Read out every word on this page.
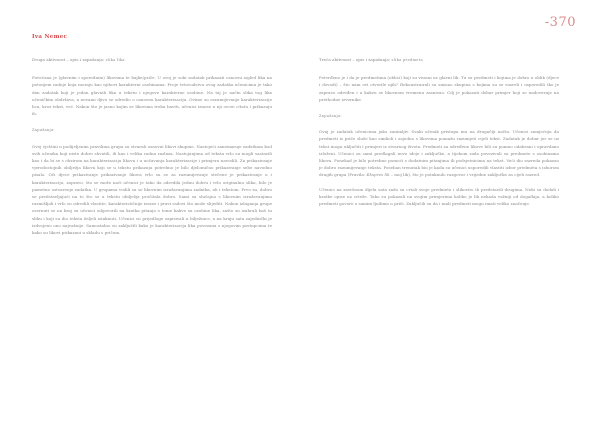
-370
Iva Nemec

Druga aktivnost – opis i zapažanja: slika lika

Povećana je (glavnim i sporednim) likovima te bajke/priče. U ovoj je sobi zadatak prikazati osnovni izgled lika na potonjem radnje koja moraju kao njihovi karakterni osobinama. Proje tetovodstvu ovog zadatka učenicima je tako dan zadatak koji je jedan glavnih lika u tekstu i njegove karakterne osobine. Na taj je način slika tog lika učeničkim obdržava, a nevami djivo se odredio o osnovnu karakterizaciju. Ovime su razumijevanje karakterizacije lica, kroz tekst, već. Nakon što je jasno kojim se likovima treba baviti, učenici iznose u nji ovom citatu i prikazuju ih.

Zapažanja:

Ovoj vještini u podijeljenim pravilima grupa su stvarali osnovni likovi skupine. Nastojeći zanemaruje zadatkom kod svih učenika koji niste dobro shvatili, ili kao i velika radna razlaza. Nastojanjima od teksta vrlo su mogli sastavili kao i da bi se s obzirom na karakterizaciju likova i u uočavanja karakterizacije i primjera navodili. Za prikazivanje vjerodostojnih obilježja likova koji se u tekstu prikazuju potrebno je bilo djelomično prikazivanje sebe navodno pisalo. Oči djece prikazivanje prikazivanje likova vrlo su se za razumijevanje stečene je prikazivanje u i karakterizaciju, zapravo, što se može naći učenici je tako da odredila jednu dobru i vrlo originalnu sliku, bilo je pametno ostvarenje zadatka. U grupama vodili su se likovnim izražavanjima zadatka, ali i tekstom. Prvo su, dobro se predstavljajući na to što se u tekstu obilježja pročitala dobro. Sami su slučajno s likovnim izražavanjima razmišljali i vrlo su odredili vlastite, karakterističnije izraze i pravi radovi što može slijediti. Nakon izlaganja grupe osvrnuti se na kraj su učenici odgovorili na kratka pitanja o tome kakve su osobine lika, zašto su izabrali baš tu sliku i koji su dio teksta željeli istaknuti. Učenici su prijedloge zapisivali u bilježnice, a na kraju sata zajednički je izdvojeno ono najvažnije. Samostalno su zaključili kako je karakterizacija lika povezana s njegovim postupcima te kako su likovi prikazani u skladu s pričom.

Treća aktivnost – opis i zapažanja: slika predmeta

Potvrđeno je i da je predmetima (oblici) koji su vezani uz glavni lik. Tu su predmeti i kojima je dobro u oblik (djece i dovodi) – što nam ovi otvorile njih? Rekonstruirali su smisao skupina s kojima su se susreli i usporedili tko je zapravo određen i u kakvu se likovnom vremenu zasnivao. Cilj je pokazati dobar primjer koji se nadovezuje na prethodne izvornike.

Zapažanja:

Ovaj je zadatak učenicima jako zanimljiv. Svaki učenik pristupa mu na drugačiji način. Učenici zamjećuju da predmeti iz priče služe kao simboli i zajedno s likovima pomažu razumjeti cijeli tekst. Zadatak je dobar jer se uz tekst mogu uključiti i primjeri iz stvarnog života. Predmeti za određene likove bili su pomno odabrani i opravdano izloženi. Učenici su sami predlagali nove ideje i zaključke, a tijekom rada povezivali su predmete s osobinama likova. Ponekad je bilo potrebno pomoći s dodatnim pitanjima ili podsjetnicima na tekst. Veći dio razreda pokazao je dobro razumijevanje teksta. Poseban trenutak bio je kada su učenici usporedili vlastiti izbor predmeta s izborom drugih grupa (Pravila: Ekspres lik – moj lik), što je potaknulo razgovor i vrijedne zaključke za cijeli razred.

Učenici na završnom dijelu sata rado su crtali svoje predmete i slikovito ih predstavili drugima. Neki su dodali i kratke opise uz crteže. Tako su pokazali na svojim primjerima koliko je lik nekada važniji od događaja, a koliko predmeti govore o samim ljudima u priči. Zaključili su da i mali predmeti mogu imati veliko značenje.
